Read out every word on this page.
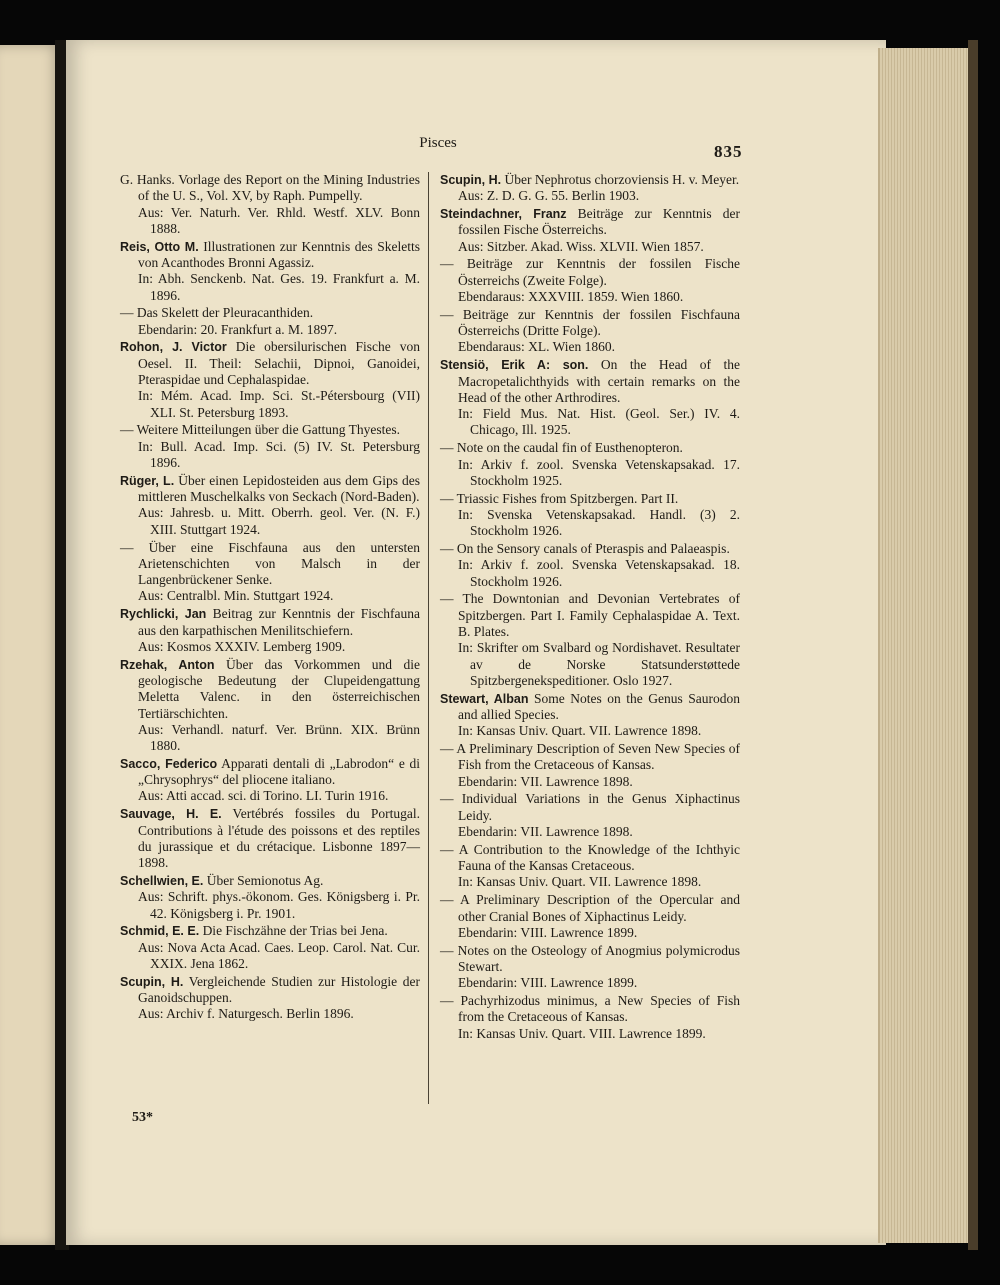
Pisces	835
G. Hanks. Vorlage des Report on the Mining Industries of the U. S., Vol. XV, by Raph. Pumpelly.
Aus: Ver. Naturh. Ver. Rhld. Westf. XLV. Bonn 1888.
Reis, Otto M. Illustrationen zur Kenntnis des Skeletts von Acanthodes Bronni Agassiz.
In: Abh. Senckenb. Nat. Ges. 19. Frankfurt a. M. 1896.
— Das Skelett der Pleuracanthiden.
Ebendarin: 20. Frankfurt a. M. 1897.
Rohon, J. Victor Die obersilurischen Fische von Oesel. II. Theil: Selachii, Dipnoi, Ganoidei, Pteraspidae und Cephalaspidae.
In: Mém. Acad. Imp. Sci. St.-Pétersbourg (VII) XLI. St. Petersburg 1893.
— Weitere Mitteilungen über die Gattung Thyestes.
In: Bull. Acad. Imp. Sci. (5) IV. St. Petersburg 1896.
Rüger, L. Über einen Lepidosteiden aus dem Gips des mittleren Muschelkalks von Seckach (Nord-Baden).
Aus: Jahresb. u. Mitt. Oberrh. geol. Ver. (N. F.) XIII. Stuttgart 1924.
— Über eine Fischfauna aus den untersten Arietenschichten von Malsch in der Langenbrückener Senke.
Aus: Centralbl. Min. Stuttgart 1924.
Rychlicki, Jan Beitrag zur Kenntnis der Fischfauna aus den karpathischen Menilitschiefern.
Aus: Kosmos XXXIV. Lemberg 1909.
Rzehak, Anton Über das Vorkommen und die geologische Bedeutung der Clupeidengattung Meletta Valenc. in den österreichischen Tertiärschichten.
Aus: Verhandl. naturf. Ver. Brünn. XIX. Brünn 1880.
Sacco, Federico Apparati dentali di „Labrodon“ e di „Chrysophrys“ del pliocene italiano.
Aus: Atti accad. sci. di Torino. LI. Turin 1916.
Sauvage, H. E. Vertébrés fossiles du Portugal. Contributions à l'étude des poissons et des reptiles du jurassique et du crétacique. Lisbonne 1897—1898.
Schellwien, E. Über Semionotus Ag.
Aus: Schrift. phys.-ökonom. Ges. Königsberg i. Pr. 42. Königsberg i. Pr. 1901.
Schmid, E. E. Die Fischzähne der Trias bei Jena.
Aus: Nova Acta Acad. Caes. Leop. Carol. Nat. Cur. XXIX. Jena 1862.
Scupin, H. Vergleichende Studien zur Histologie der Ganoidschuppen.
Aus: Archiv f. Naturgesch. Berlin 1896.
Scupin, H. Über Nephrotus chorzoviensis H. v. Meyer.
Aus: Z. D. G. G. 55. Berlin 1903.
Steindachner, Franz Beiträge zur Kenntnis der fossilen Fische Österreichs.
Aus: Sitzber. Akad. Wiss. XLVII. Wien 1857.
— Beiträge zur Kenntnis der fossilen Fische Österreichs (Zweite Folge).
Ebendaraus: XXXVIII. 1859. Wien 1860.
— Beiträge zur Kenntnis der fossilen Fischfauna Österreichs (Dritte Folge).
Ebendaraus: XL. Wien 1860.
Stensiö, Erik A: son. On the Head of the Macropetalichthyids with certain remarks on the Head of the other Arthrodires.
In: Field Mus. Nat. Hist. (Geol. Ser.) IV. 4. Chicago, Ill. 1925.
— Note on the caudal fin of Eusthenopteron.
In: Arkiv f. zool. Svenska Vetenskapsakad. 17. Stockholm 1925.
— Triassic Fishes from Spitzbergen. Part II.
In: Svenska Vetenskapsakad. Handl. (3) 2. Stockholm 1926.
— On the Sensory canals of Pteraspis and Palaeaspis.
In: Arkiv f. zool. Svenska Vetenskapsakad. 18. Stockholm 1926.
— The Downtonian and Devonian Vertebrates of Spitzbergen. Part I. Family Cephalaspidae A. Text. B. Plates.
In: Skrifter om Svalbard og Nordishavet. Resultater av de Norske Statsunderstøttede Spitzbergenekspeditioner. Oslo 1927.
Stewart, Alban Some Notes on the Genus Saurodon and allied Species.
In: Kansas Univ. Quart. VII. Lawrence 1898.
— A Preliminary Description of Seven New Species of Fish from the Cretaceous of Kansas.
Ebendarin: VII. Lawrence 1898.
— Individual Variations in the Genus Xiphactinus Leidy.
Ebendarin: VII. Lawrence 1898.
— A Contribution to the Knowledge of the Ichthyic Fauna of the Kansas Cretaceous.
In: Kansas Univ. Quart. VII. Lawrence 1898.
— A Preliminary Description of the Opercular and other Cranial Bones of Xiphactinus Leidy.
Ebendarin: VIII. Lawrence 1899.
— Notes on the Osteology of Anogmius polymicrodus Stewart.
Ebendarin: VIII. Lawrence 1899.
— Pachyrhizodus minimus, a New Species of Fish from the Cretaceous of Kansas.
In: Kansas Univ. Quart. VIII. Lawrence 1899.
53*
